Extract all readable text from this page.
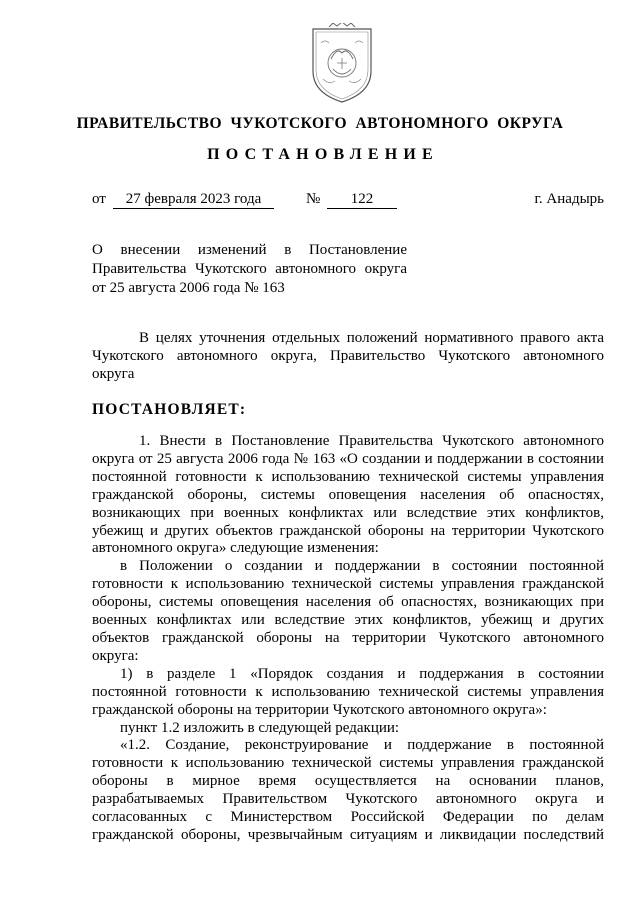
ПРАВИТЕЛЬСТВО ЧУКОТСКОГО АВТОНОМНОГО ОКРУГА
ПОСТАНОВЛЕНИЕ
от	27 февраля 2023 года	№	122	г. Анадырь
О внесении изменений в Постановление
Правительства Чукотского автономного округа
от 25 августа 2006 года № 163
В целях уточнения отдельных положений нормативного правого акта
Чукотского автономного округа, Правительство Чукотского автономного
округа
ПОСТАНОВЛЯЕТ:
1. Внести в Постановление Правительства Чукотского автономного
округа от 25 августа 2006 года № 163 «О создании и поддержании в состоянии
постоянной готовности к использованию технической системы управления
гражданской обороны, системы оповещения населения об опасностях,
возникающих при военных конфликтах или вследствие этих конфликтов,
убежищ и других объектов гражданской обороны на территории Чукотского
автономного округа» следующие изменения:
в Положении о создании и поддержании в состоянии постоянной
готовности к использованию технической системы управления гражданской
обороны, системы оповещения населения об опасностях, возникающих при
военных конфликтах или вследствие этих конфликтов, убежищ и других
объектов гражданской обороны на территории Чукотского автономного
округа:
1) в разделе 1 «Порядок создания и поддержания в состоянии
постоянной готовности к использованию технической системы управления
гражданской обороны на территории Чукотского автономного округа»:
пункт 1.2 изложить в следующей редакции:
«1.2. Создание, реконструирование и поддержание в постоянной
готовности к использованию технической системы управления гражданской
обороны в мирное время осуществляется на основании планов,
разрабатываемых Правительством Чукотского автономного округа и
согласованных с Министерством Российской Федерации по делам
гражданской обороны, чрезвычайным ситуациям и ликвидации последствий
